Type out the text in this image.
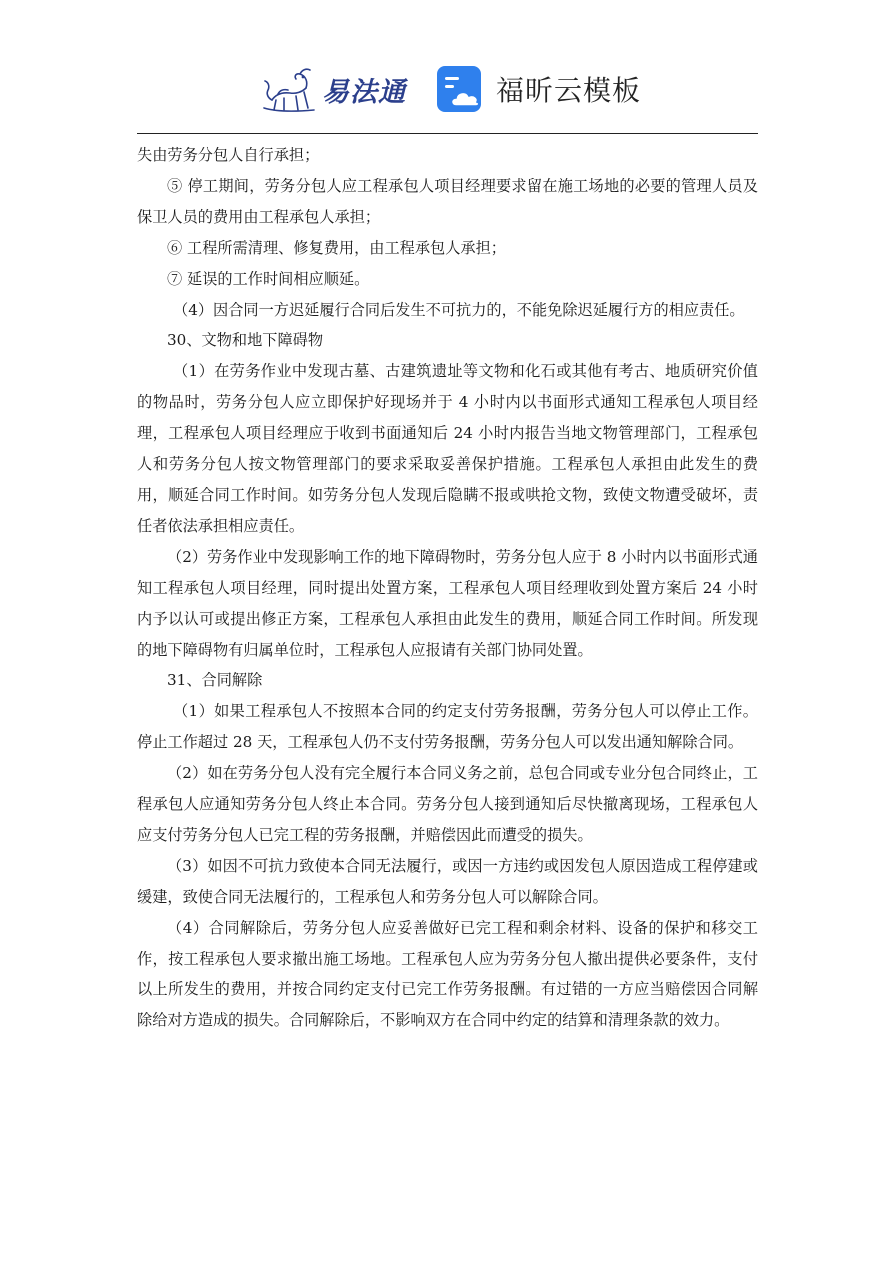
易法通	福昕云模板

失由劳务分包人自行承担；

⑤ 停工期间，劳务分包人应工程承包人项目经理要求留在施工场地的必要的管理人员及保卫人员的费用由工程承包人承担；

⑥ 工程所需清理、修复费用，由工程承包人承担；

⑦ 延误的工作时间相应顺延。

（4）因合同一方迟延履行合同后发生不可抗力的，不能免除迟延履行方的相应责任。

30、文物和地下障碍物

（1）在劳务作业中发现古墓、古建筑遗址等文物和化石或其他有考古、地质研究价值的物品时，劳务分包人应立即保护好现场并于 4 小时内以书面形式通知工程承包人项目经理，工程承包人项目经理应于收到书面通知后 24 小时内报告当地文物管理部门，工程承包人和劳务分包人按文物管理部门的要求采取妥善保护措施。工程承包人承担由此发生的费用，顺延合同工作时间。如劳务分包人发现后隐瞒不报或哄抢文物，致使文物遭受破坏，责任者依法承担相应责任。

（2）劳务作业中发现影响工作的地下障碍物时，劳务分包人应于 8 小时内以书面形式通知工程承包人项目经理，同时提出处置方案，工程承包人项目经理收到处置方案后 24 小时内予以认可或提出修正方案，工程承包人承担由此发生的费用，顺延合同工作时间。所发现的地下障碍物有归属单位时，工程承包人应报请有关部门协同处置。

31、合同解除

（1）如果工程承包人不按照本合同的约定支付劳务报酬，劳务分包人可以停止工作。停止工作超过 28 天，工程承包人仍不支付劳务报酬，劳务分包人可以发出通知解除合同。

（2）如在劳务分包人没有完全履行本合同义务之前，总包合同或专业分包合同终止，工程承包人应通知劳务分包人终止本合同。劳务分包人接到通知后尽快撤离现场，工程承包人应支付劳务分包人已完工程的劳务报酬，并赔偿因此而遭受的损失。

（3）如因不可抗力致使本合同无法履行，或因一方违约或因发包人原因造成工程停建或缓建，致使合同无法履行的，工程承包人和劳务分包人可以解除合同。

（4）合同解除后，劳务分包人应妥善做好已完工程和剩余材料、设备的保护和移交工作，按工程承包人要求撤出施工场地。工程承包人应为劳务分包人撤出提供必要条件，支付以上所发生的费用，并按合同约定支付已完工作劳务报酬。有过错的一方应当赔偿因合同解除给对方造成的损失。合同解除后，不影响双方在合同中约定的结算和清理条款的效力。
